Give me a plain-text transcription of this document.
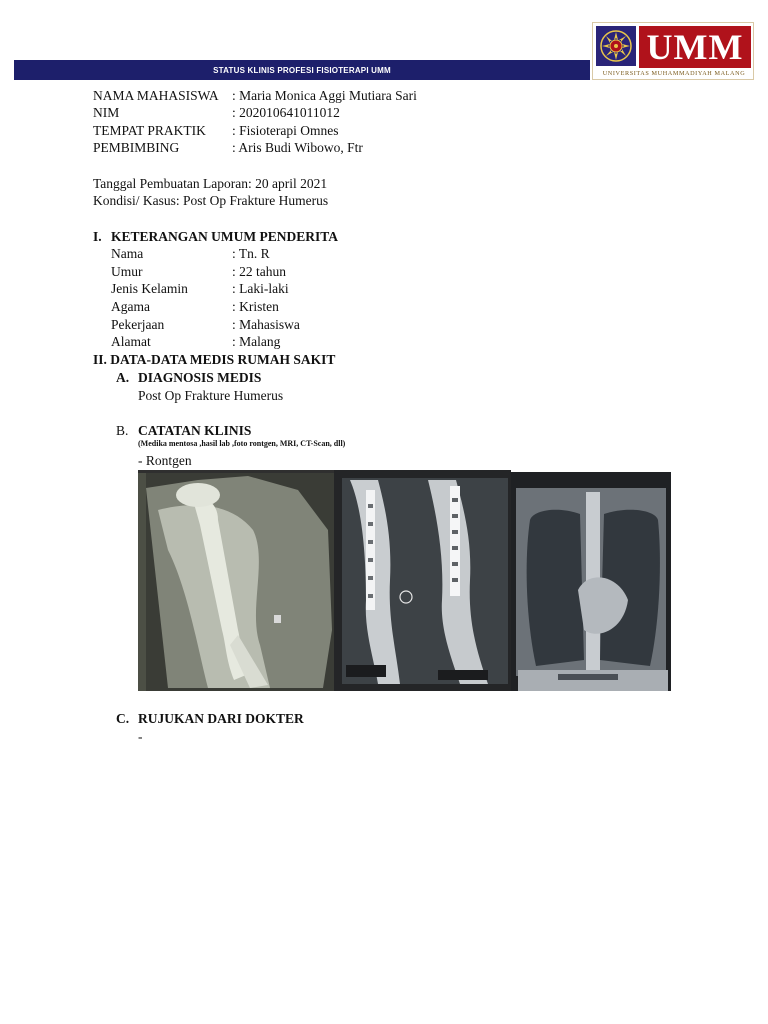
STATUS KLINIS PROFESI FISIOTERAPI UMM
UMM
UNIVERSITAS MUHAMMADIYAH MALANG
NAMA MAHASISWA : Maria Monica Aggi Mutiara Sari
NIM	: 202010641011012
TEMPAT PRAKTIK : Fisioterapi Omnes
PEMBIMBING	: Aris Budi Wibowo, Ftr
Tanggal Pembuatan Laporan: 20 april 2021
Kondisi/ Kasus: Post Op Frakture Humerus
I. KETERANGAN UMUM PENDERITA
Nama	: Tn. R
Umur	: 22 tahun
Jenis Kelamin	: Laki-laki
Agama	: Kristen
Pekerjaan	: Mahasiswa
Alamat	: Malang
II. DATA-DATA MEDIS RUMAH SAKIT
A. DIAGNOSIS MEDIS
Post Op Frakture Humerus
B. CATATAN KLINIS
(Medika mentosa ,hasil lab ,foto rontgen, MRI, CT-Scan, dll)
- Rontgen
C. RUJUKAN DARI DOKTER
-
